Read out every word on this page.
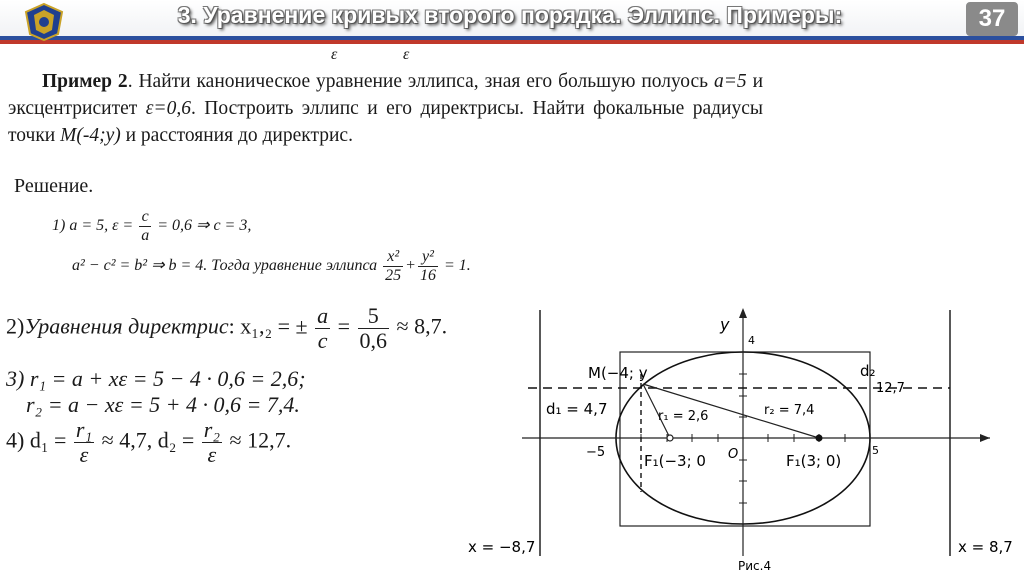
3. Уравнение кривых второго порядка. Эллипс. Примеры:	37
ε	ε
Пример 2. Найти каноническое уравнение эллипса, зная его большую полуось a=5 и эксцентриситет ε=0,6. Построить эллипс и его директрисы. Найти фокальные радиусы точки M(-4;y) и расстояния до директрис.
Решение.
1) a = 5, $\varepsilon = \frac{c}{a} = 0,6$ ⇒ c = 3,
a² − c² = b² ⇒ b = 4. Тогда уравнение эллипса $\frac{\text{x²}}{25} + \frac{\text{y²}}{16} = 1$.
2)Уравнения директрис: x₁,₂ = ± $\frac{a}{c} = \frac{5}{0,6} \approx 8,7$.
3) r₁ = a + xε = 5 − 4 · 0,6 = 2,6;
r₂ = a − xε = 5 + 4 · 0,6 = 7,4.
4) $d_1 = \frac{\text{r₁}}{\varepsilon} \approx 4,7$, $d_2 = \frac{\text{r₂}}{\varepsilon} \approx 12,7$.
y
4
M(−4; y
d₁ = 4,7
d₂
12,7
r₁ = 2,6	r₂ = 7,4
−5	5
O
F₁(−3; 0	F₁(3; 0)
x = −8,7	x = 8,7
Рис.4
